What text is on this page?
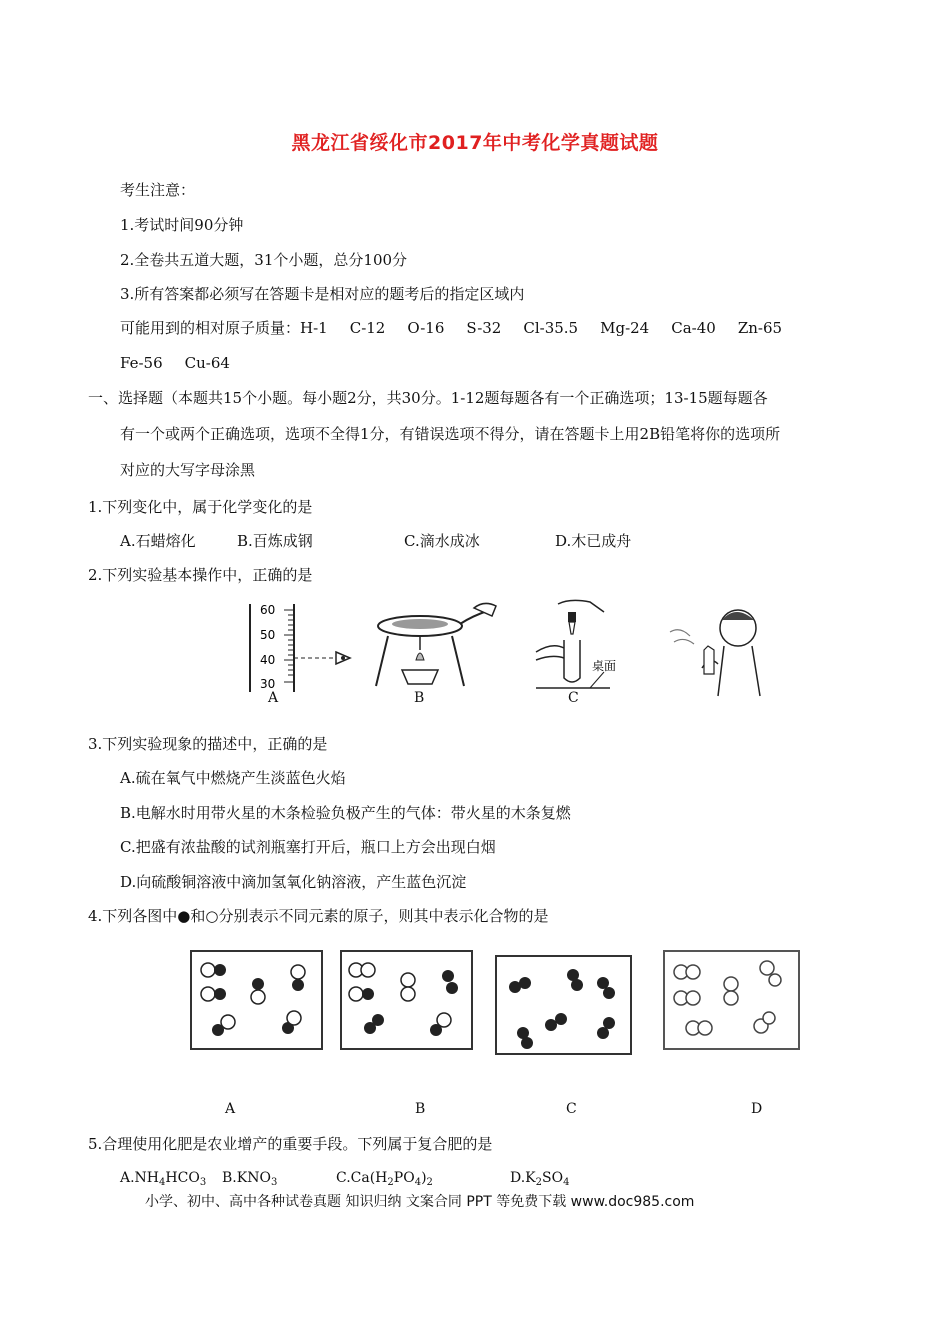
黑龙江省绥化市2017年中考化学真题试题
考生注意：
1.考试时间90分钟
2.全卷共五道大题，31个小题，总分100分
3.所有答案都必须写在答题卡是相对应的题考后的指定区域内
可能用到的相对原子质量：H-1 C-12 O-16 S-32 Cl-35.5 Mg-24 Ca-40 Zn-65
Fe-56 Cu-64
一、选择题（本题共15个小题。每小题2分，共30分。1-12题每题各有一个正确选项；13-15题每题各
有一个或两个正确选项，选项不全得1分，有错误选项不得分，请在答题卡上用2B铅笔将你的选项所
对应的大写字母涂黑
1.下列变化中，属于化学变化的是
A.石蜡熔化	B.百炼成钢	C.滴水成冰	D.木已成舟
2.下列实验基本操作中，正确的是
60
50
40
30
A	B
桌面
C
3.下列实验现象的描述中，正确的是
A.硫在氧气中燃烧产生淡蓝色火焰
B.电解水时用带火星的木条检验负极产生的气体：带火星的木条复燃
C.把盛有浓盐酸的试剂瓶塞打开后，瓶口上方会出现白烟
D.向硫酸铜溶液中滴加氢氧化钠溶液，产生蓝色沉淀
4.下列各图中●和○分别表示不同元素的原子，则其中表示化合物的是
A	B	C	D
5.合理使用化肥是农业增产的重要手段。下列属于复合肥的是
$A.NH_4HCO_3$ $B.KNO_3$	$C.Ca(H_2PO_4)_2$	$D.K_2SO_4$
小学、初中、高中各种试卷真题 知识归纳 文案合同 PPT 等免费下载 www.doc985.com
